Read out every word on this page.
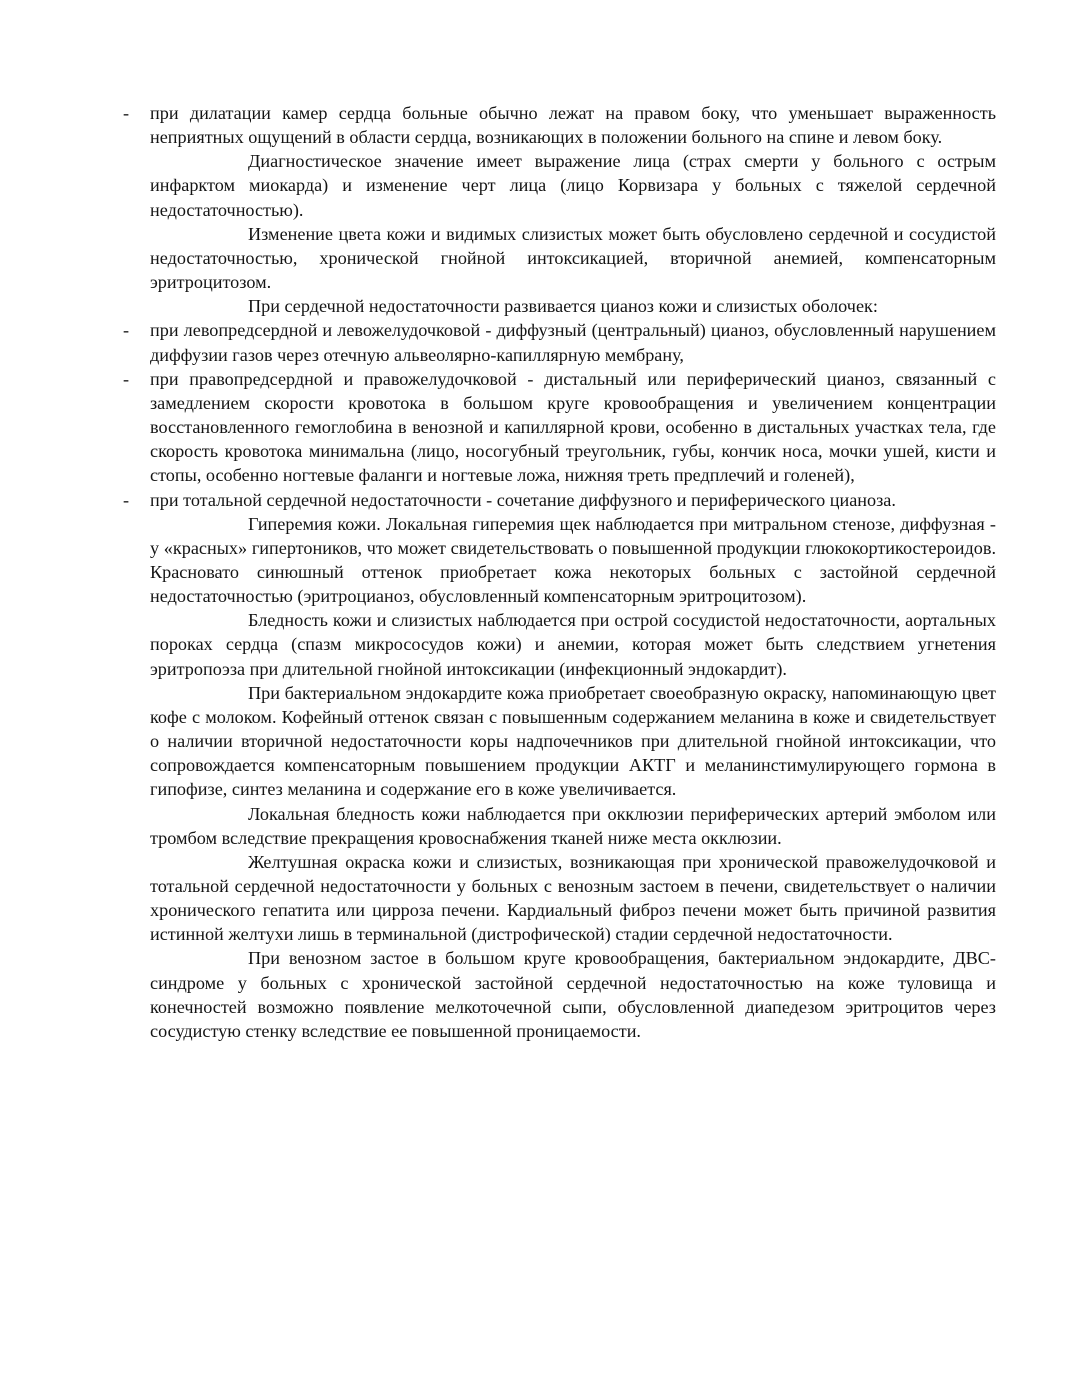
- при дилатации камер сердца больные обычно лежат на правом боку, что уменьшает выраженность неприятных ощущений в области сердца, возникающих в положении больного на спине и левом боку.

Диагностическое значение имеет выражение лица (страх смерти у больного с острым инфарктом миокарда) и изменение черт лица (лицо Корвизара у больных с тяжелой сердечной недостаточностью).

Изменение цвета кожи и видимых слизистых может быть обусловлено сердечной и сосудистой недостаточностью, хронической гнойной интоксикацией, вторичной анемией, компенсаторным эритроцитозом.

При сердечной недостаточности развивается цианоз кожи и слизистых оболочек:

- при левопредсердной и левожелудочковой - диффузный (центральный) цианоз, обусловленный нарушением диффузии газов через отечную альвеолярно-капиллярную мембрану,

- при правопредсердной и правожелудочковой - дистальный или периферический цианоз, связанный с замедлением скорости кровотока в большом круге кровообращения и увеличением концентрации восстановленного гемоглобина в венозной и капиллярной крови, особенно в дистальных участках тела, где скорость кровотока минимальна (лицо, носогубный треугольник, губы, кончик носа, мочки ушей, кисти и стопы, особенно ногтевые фаланги и ногтевые ложа, нижняя треть предплечий и голеней),

- при тотальной сердечной недостаточности - сочетание диффузного и периферического цианоза.

Гиперемия кожи. Локальная гиперемия щек наблюдается при митральном стенозе, диффузная - у «красных» гипертоников, что может свидетельствовать о повышенной продукции глюкокортикостероидов. Красновато синюшный оттенок приобретает кожа некоторых больных с застойной сердечной недостаточностью (эритроцианоз, обусловленный компенсаторным эритроцитозом).

Бледность кожи и слизистых наблюдается при острой сосудистой недостаточности, аортальных пороках сердца (спазм микрососудов кожи) и анемии, которая может быть следствием угнетения эритропоэза при длительной гнойной интоксикации (инфекционный эндокардит).

При бактериальном эндокардите кожа приобретает своеобразную окраску, напоминающую цвет кофе с молоком. Кофейный оттенок связан с повышенным содержанием меланина в коже и свидетельствует о наличии вторичной недостаточности коры надпочечников при длительной гнойной интоксикации, что сопровождается компенсаторным повышением продукции АКТГ и меланинстимулирующего гормона в гипофизе, синтез меланина и содержание его в коже увеличивается.

Локальная бледность кожи наблюдается при окклюзии периферических артерий эмболом или тромбом вследствие прекращения кровоснабжения тканей ниже места окклюзии.

Желтушная окраска кожи и слизистых, возникающая при хронической правожелудочковой и тотальной сердечной недостаточности у больных с венозным застоем в печени, свидетельствует о наличии хронического гепатита или цирроза печени. Кардиальный фиброз печени может быть причиной развития истинной желтухи лишь в терминальной (дистрофической) стадии сердечной недостаточности.

При венозном застое в большом круге кровообращения, бактериальном эндокардите, ДВС-синдроме у больных с хронической застойной сердечной недостаточностью на коже туловища и конечностей возможно появление мелкоточечной сыпи, обусловленной диапедезом эритроцитов через сосудистую стенку вследствие ее повышенной проницаемости.
